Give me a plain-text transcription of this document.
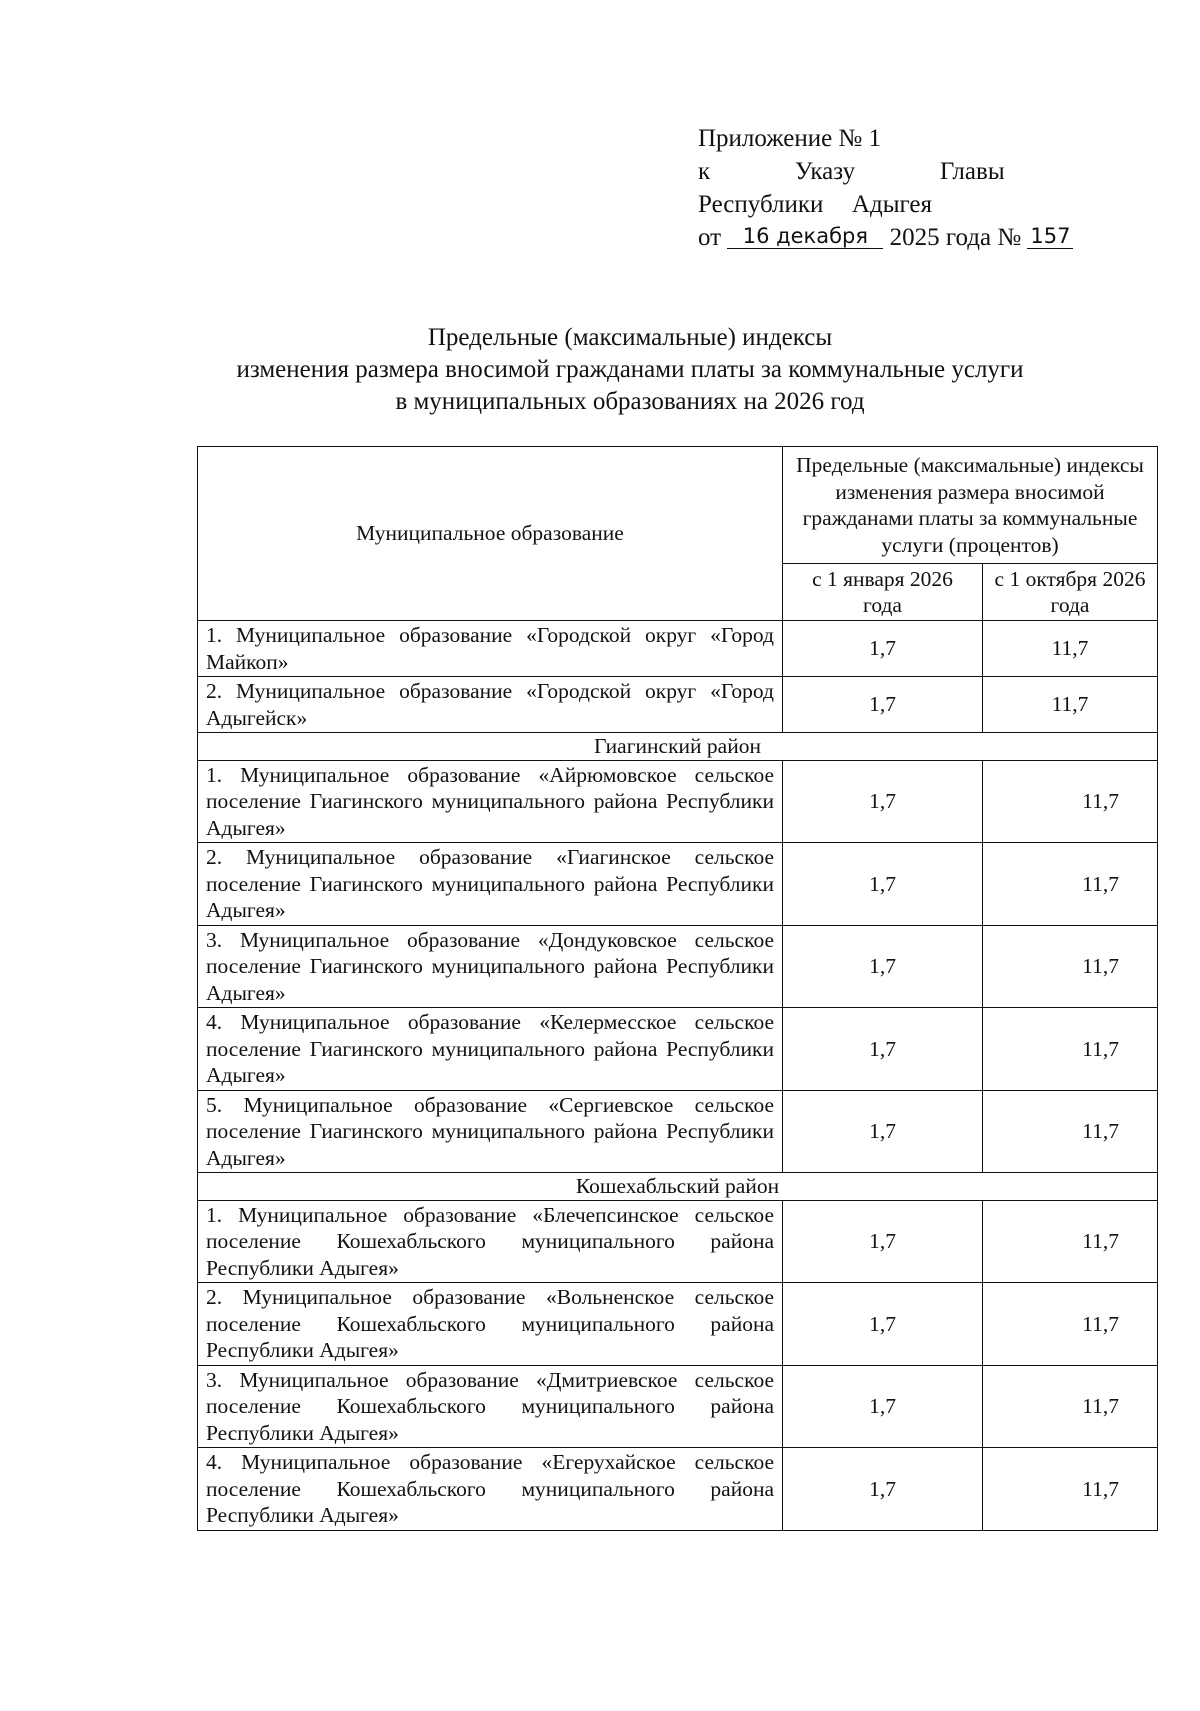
Приложение № 1
к   Указу   Главы
Республики  Адыгея
от 16 декабря 2025 года № 157
Предельные (максимальные) индексы
изменения размера вносимой гражданами платы за коммунальные услуги
в муниципальных образованиях на 2026 год
Муниципальное образование	Предельные (максимальные) индексы изменения размера вносимой гражданами платы за коммунальные услуги (процентов)	
	с 1 января 2026 года	с 1 октября 2026 года
1. Муниципальное образование «Городской округ «Город Майкоп»	1,7	11,7
2. Муниципальное образование «Городской округ «Город Адыгейск»	1,7	11,7
Гиагинский район		
1. Муниципальное образование «Айрюмовское сельское поселение Гиагинского муниципального района Республики Адыгея»	1,7	11,7
2. Муниципальное образование «Гиагинское сельское поселение Гиагинского муниципального района Республики Адыгея»	1,7	11,7
3. Муниципальное образование «Дондуковское сельское поселение Гиагинского муниципального района Республики Адыгея»	1,7	11,7
4. Муниципальное образование «Келермесское сельское поселение Гиагинского муниципального района Республики Адыгея»	1,7	11,7
5. Муниципальное образование «Сергиевское сельское поселение Гиагинского муниципального района Республики Адыгея»	1,7	11,7
Кошехабльский район		
1. Муниципальное образование «Блечепсинское сельское поселение Кошехабльского муниципального района Республики Адыгея»	1,7	11,7
2. Муниципальное образование «Вольненское сельское поселение Кошехабльского муниципального района Республики Адыгея»	1,7	11,7
3. Муниципальное образование «Дмитриевское сельское поселение Кошехабльского муниципального района Республики Адыгея»	1,7	11,7
4. Муниципальное образование «Егерухайское сельское поселение Кошехабльского муниципального района Республики Адыгея»	1,7	11,7
